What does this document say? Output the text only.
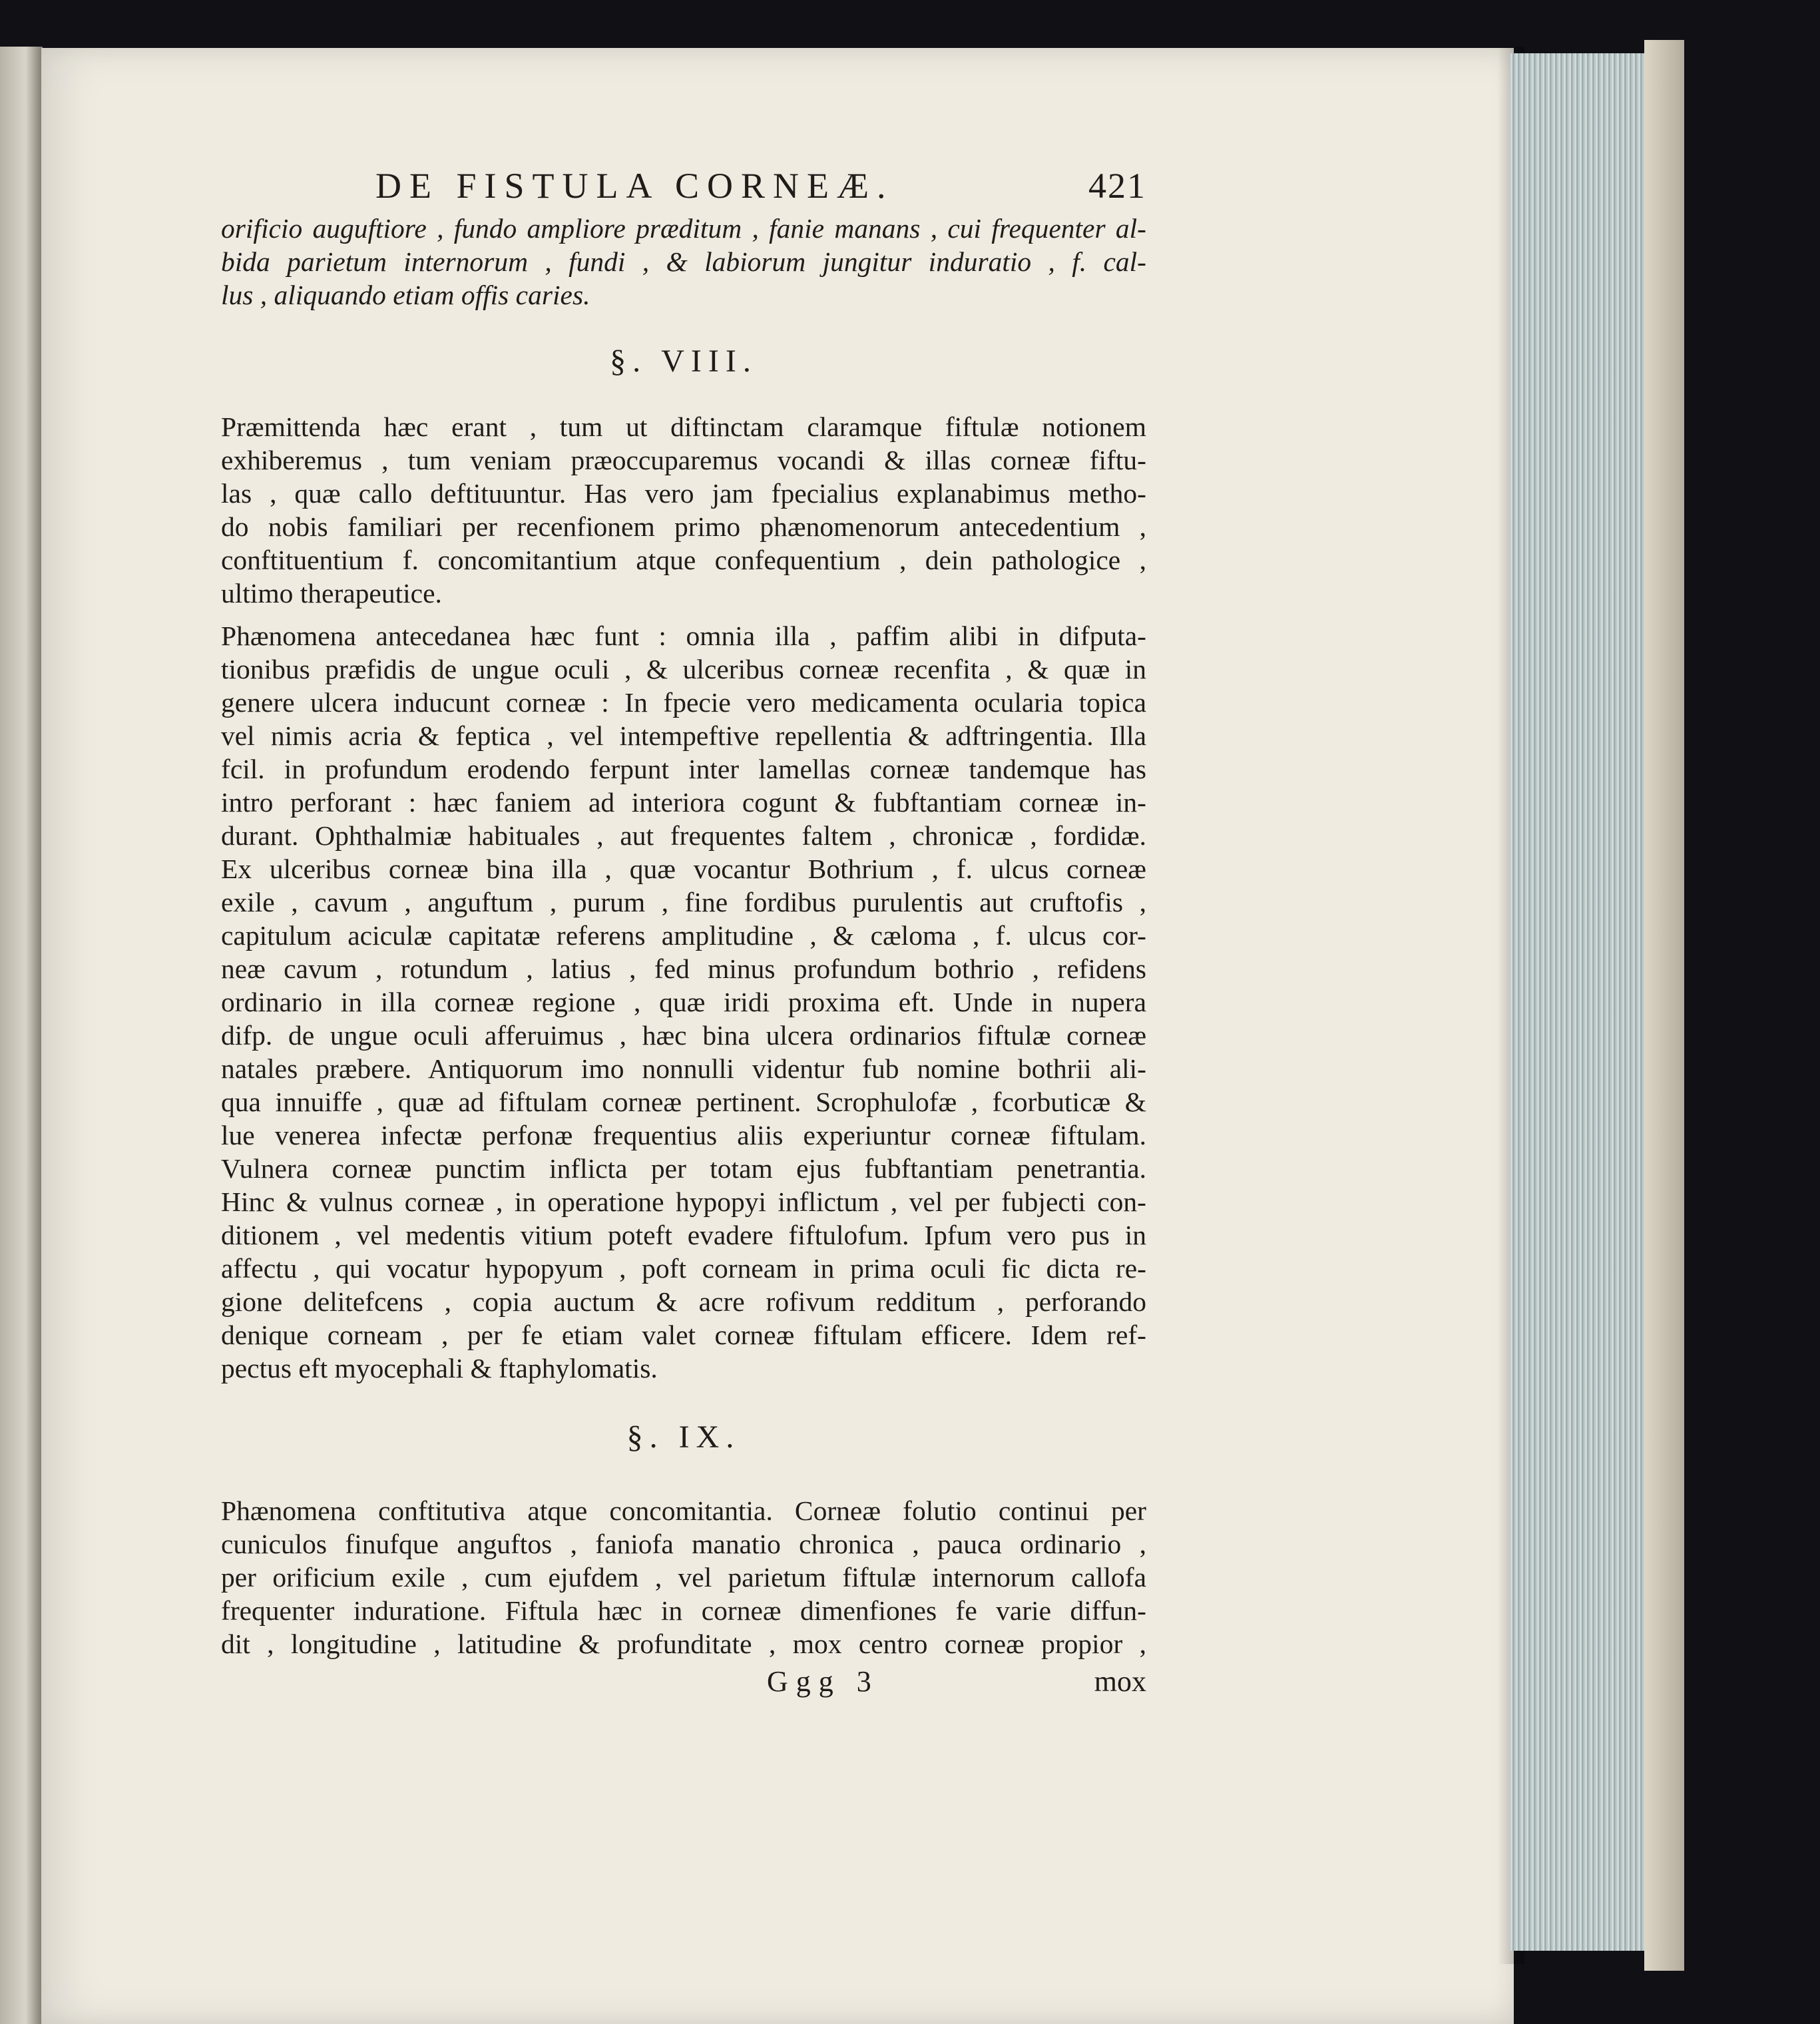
DE FISTULA CORNEÆ.	421
orificio auguftiore , fundo ampliore præditum , fanie manans , cui frequenter al-
bida parietum internorum , fundi , & labiorum jungitur induratio , f. cal-
lus , aliquando etiam offis caries.
§. VIII.
Præmittenda hæc erant , tum ut diftinctam claramque fiftulæ notionem
exhiberemus , tum veniam præoccuparemus vocandi & illas corneæ fiftu-
las , quæ callo deftituuntur. Has vero jam fpecialius explanabimus metho-
do nobis familiari per recenfionem primo phænomenorum antecedentium ,
conftituentium f. concomitantium atque confequentium , dein pathologice ,
ultimo therapeutice.
Phænomena antecedanea hæc funt : omnia illa , paffim alibi in difputa-
tionibus præfidis de ungue oculi , & ulceribus corneæ recenfita , & quæ in
genere ulcera inducunt corneæ : In fpecie vero medicamenta ocularia topica
vel nimis acria & feptica , vel intempeftive repellentia & adftringentia. Illa
fcil. in profundum erodendo ferpunt inter lamellas corneæ tandemque has
intro perforant : hæc faniem ad interiora cogunt & fubftantiam corneæ in-
durant. Ophthalmiæ habituales , aut frequentes faltem , chronicæ , fordidæ.
Ex ulceribus corneæ bina illa , quæ vocantur Bothrium , f. ulcus corneæ
exile , cavum , anguftum , purum , fine fordibus purulentis aut cruftofis ,
capitulum aciculæ capitatæ referens amplitudine , & cæloma , f. ulcus cor-
neæ cavum , rotundum , latius , fed minus profundum bothrio , refidens
ordinario in illa corneæ regione , quæ iridi proxima eft. Unde in nupera
difp. de ungue oculi afferuimus , hæc bina ulcera ordinarios fiftulæ corneæ
natales præbere. Antiquorum imo nonnulli videntur fub nomine bothrii ali-
qua innuiffe , quæ ad fiftulam corneæ pertinent. Scrophulofæ , fcorbuticæ &
lue venerea infectæ perfonæ frequentius aliis experiuntur corneæ fiftulam.
Vulnera corneæ punctim inflicta per totam ejus fubftantiam penetrantia.
Hinc & vulnus corneæ , in operatione hypopyi inflictum , vel per fubjecti con-
ditionem , vel medentis vitium poteft evadere fiftulofum. Ipfum vero pus in
affectu , qui vocatur hypopyum , poft corneam in prima oculi fic dicta re-
gione delitefcens , copia auctum & acre rofivum redditum , perforando
denique corneam , per fe etiam valet corneæ fiftulam efficere. Idem ref-
pectus eft myocephali & ftaphylomatis.
§. IX.
Phænomena conftitutiva atque concomitantia. Corneæ folutio continui per
cuniculos finufque anguftos , faniofa manatio chronica , pauca ordinario ,
per orificium exile , cum ejufdem , vel parietum fiftulæ internorum callofa
frequenter induratione. Fiftula hæc in corneæ dimenfiones fe varie diffun-
dit , longitudine , latitudine & profunditate , mox centro corneæ propior ,
Ggg 3	mox
